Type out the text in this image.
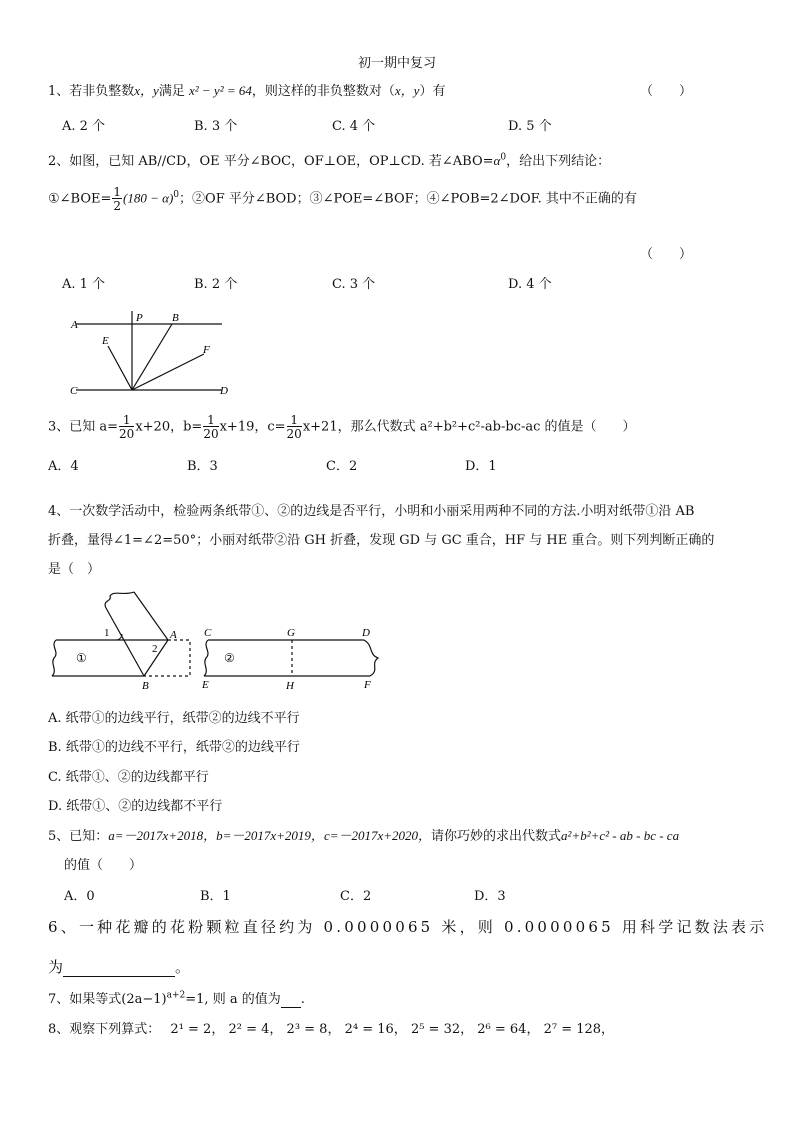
初一期中复习
1、若非负整数x，y满足 x² − y² = 64，则这样的非负整数对（x，y）有	（　　）
A. 2 个	B. 3 个	C. 4 个	D. 5 个
2、如图，已知 AB//CD，OE 平分∠BOC，OF⊥OE，OP⊥CD. 若$\angle ABO=\alpha^0$，给出下列结论：
①∠BOE= $\frac{1}{2} (180 - \alpha)^0$；②OF 平分∠BOD；③∠POE=∠BOF；④∠POB=2∠DOF. 其中不正确的有
（　　）
A. 1 个	B. 2 个	C. 3 个	D. 4 个
A
P	B
E
F
C	D
3、已知 $a= \frac{1}{20} x+20$，$b= \frac{1}{20} x+19$，$c= \frac{1}{20} x+21$，那么代数式 a²+b²+c²-ab-bc-ac 的值是（　　）
A．4	B．3	C．2	D．1
4、一次数学活动中，检验两条纸带①、②的边线是否平行，小明和小丽采用两种不同的方法.小明对纸带①沿 AB
折叠，量得∠1=∠2=50°；小丽对纸带②沿 GH 折叠，发现 GD 与 GC 重合，HF 与 HE 重合。则下列判断正确的
是（　）
1
2
A
B
①
C	G	D
E	H	F
②
A. 纸带①的边线平行，纸带②的边线不平行
B. 纸带①的边线不平行，纸带②的边线平行
C. 纸带①、②的边线都平行
D. 纸带①、②的边线都不平行
5、已知：a=－2017x+2018，b=－2017x+2019，c=－2017x+2020，请你巧妙的求出代数式a²+b²+c² - ab - bc - ca
的值（　　）
A．0	B．1	C．2	D．3
6、一种花瓣的花粉颗粒直径约为 0.0000065 米，则 0.0000065 用科学记数法表示
为	。
7、如果等式$(2a-1)^{a+2}=1$, 则 a 的值为 .
8、观察下列算式： 2¹ = 2， 2² = 4， 2³ = 8， 2⁴ = 16， 2⁵ = 32， 2⁶ = 64， 2⁷ = 128，
